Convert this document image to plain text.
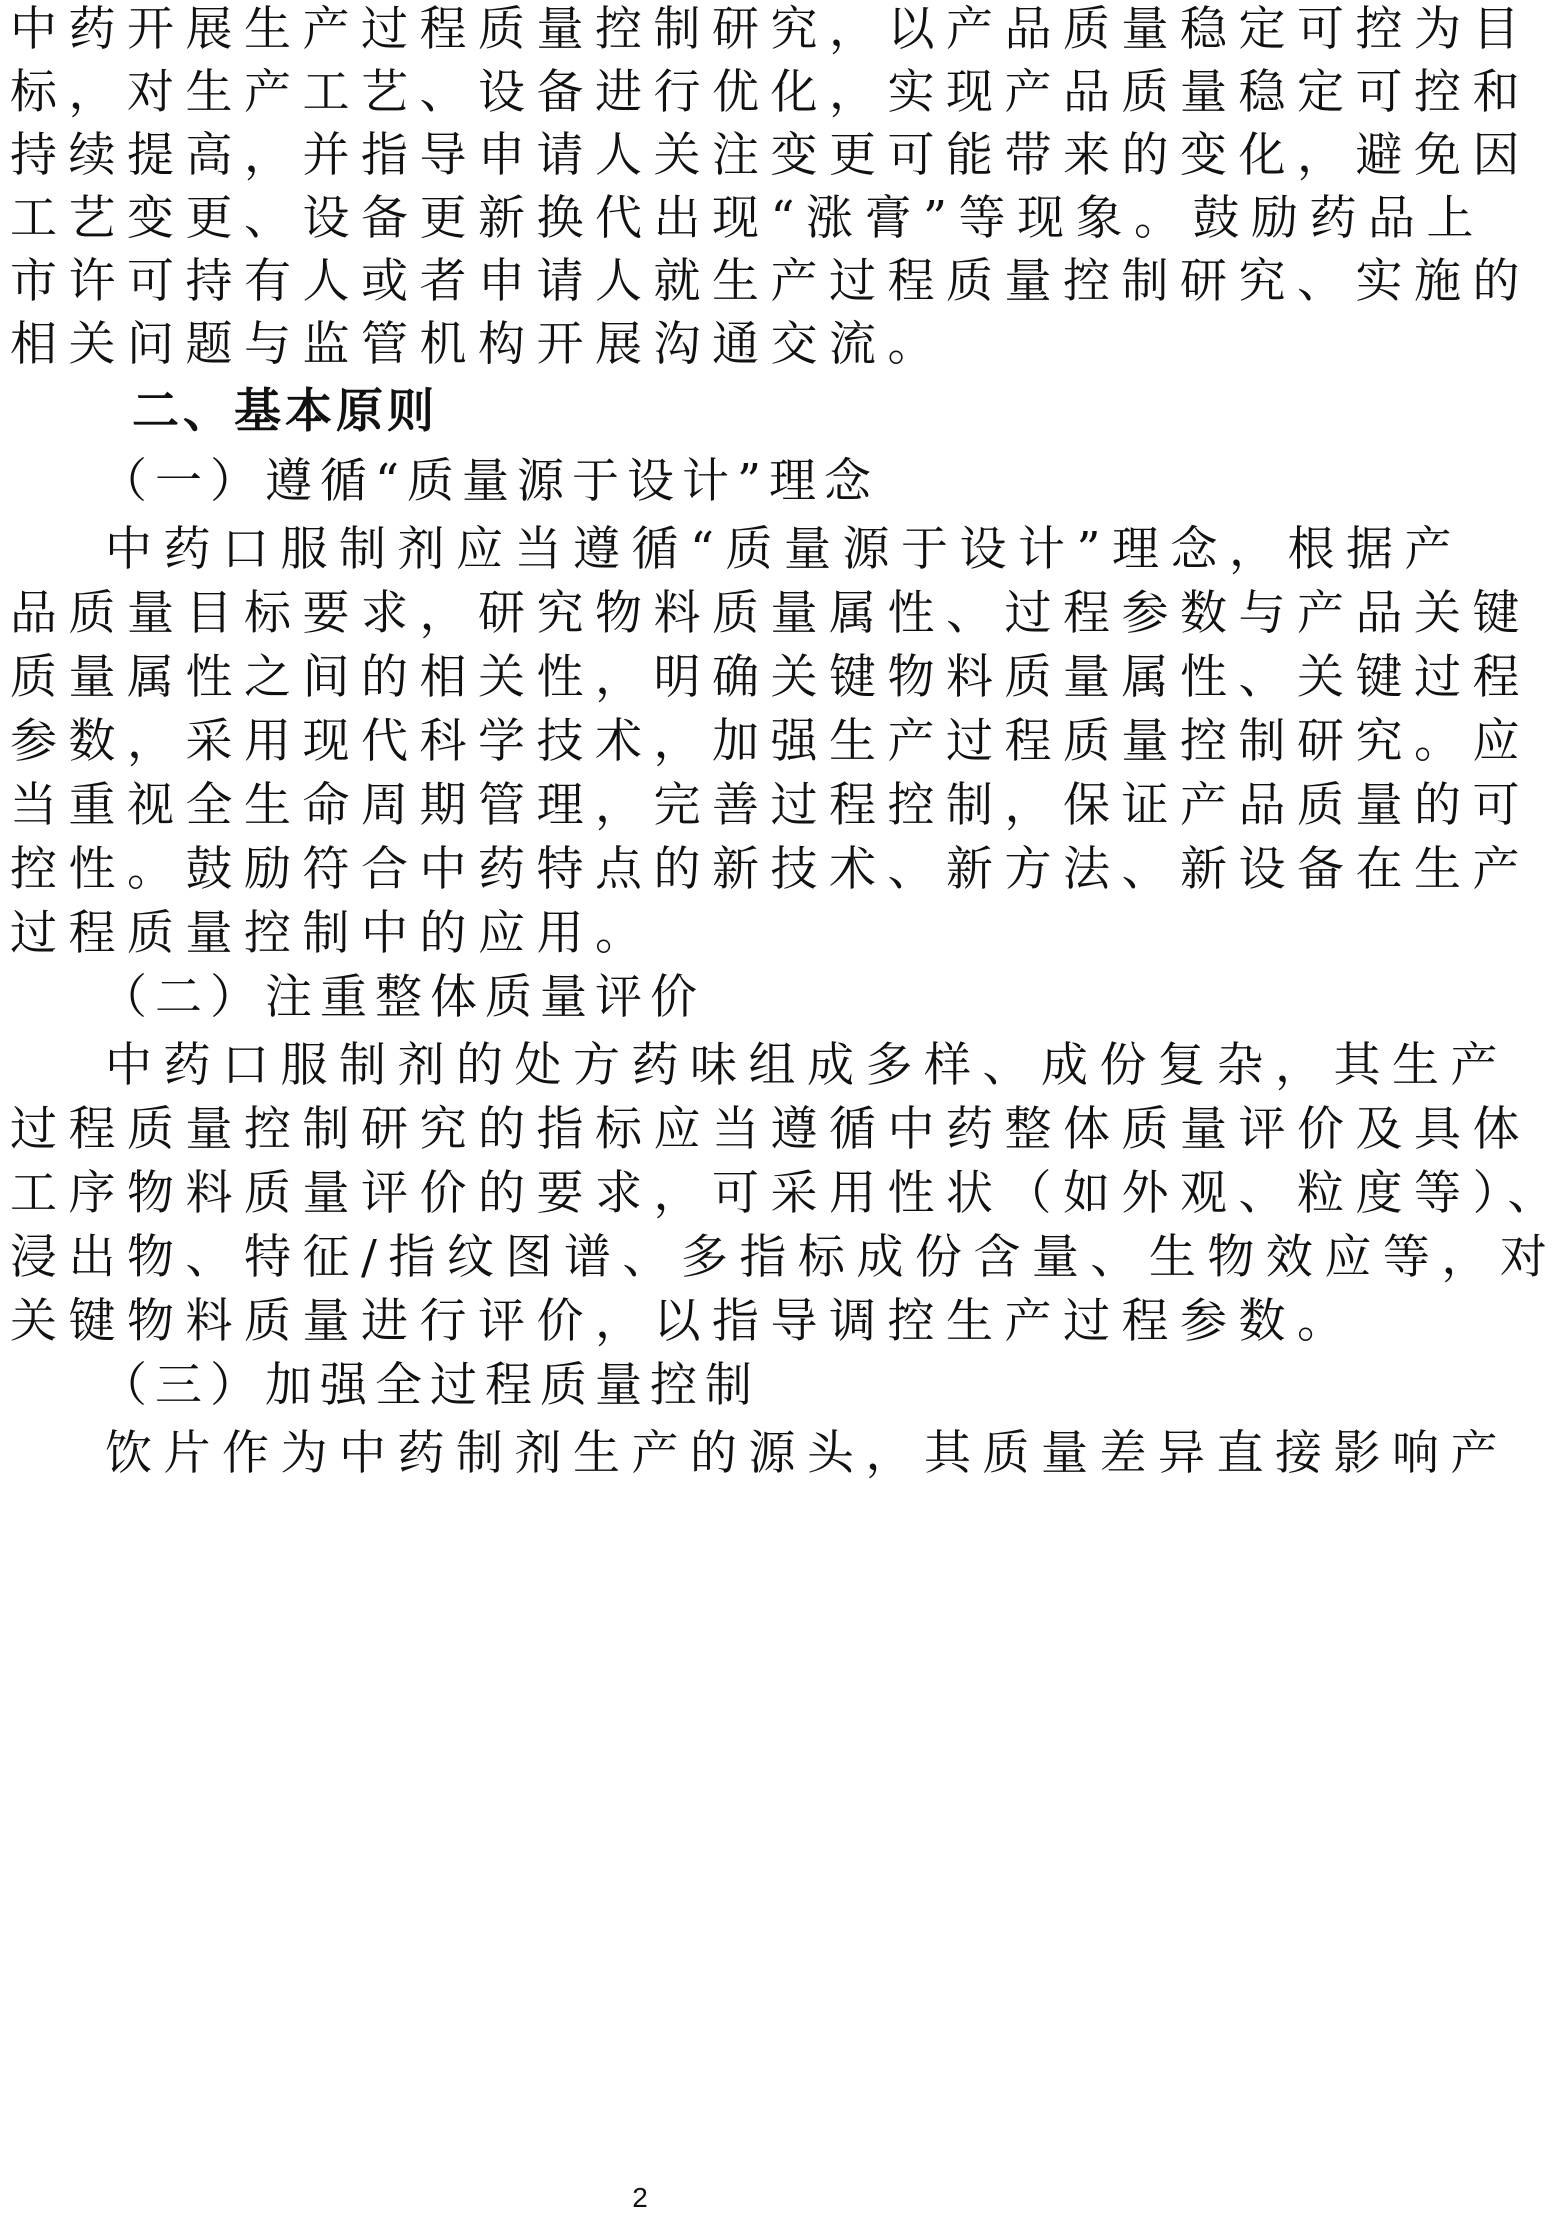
中药开展生产过程质量控制研究，以产品质量稳定可控为目
标，对生产工艺、设备进行优化，实现产品质量稳定可控和
持续提高，并指导申请人关注变更可能带来的变化，避免因
工艺变更、设备更新换代出现“涨膏”等现象。鼓励药品上
市许可持有人或者申请人就生产过程质量控制研究、实施的
相关问题与监管机构开展沟通交流。
二、基本原则
（一）遵循“质量源于设计”理念
中药口服制剂应当遵循“质量源于设计”理念，根据产
品质量目标要求，研究物料质量属性、过程参数与产品关键
质量属性之间的相关性，明确关键物料质量属性、关键过程
参数，采用现代科学技术，加强生产过程质量控制研究。应
当重视全生命周期管理，完善过程控制，保证产品质量的可
控性。鼓励符合中药特点的新技术、新方法、新设备在生产
过程质量控制中的应用。
（二）注重整体质量评价
中药口服制剂的处方药味组成多样、成份复杂，其生产
过程质量控制研究的指标应当遵循中药整体质量评价及具体
工序物料质量评价的要求，可采用性状（如外观、粒度等）、
浸出物、特征/指纹图谱、多指标成份含量、生物效应等，对
关键物料质量进行评价，以指导调控生产过程参数。
（三）加强全过程质量控制
饮片作为中药制剂生产的源头，其质量差异直接影响产
2
